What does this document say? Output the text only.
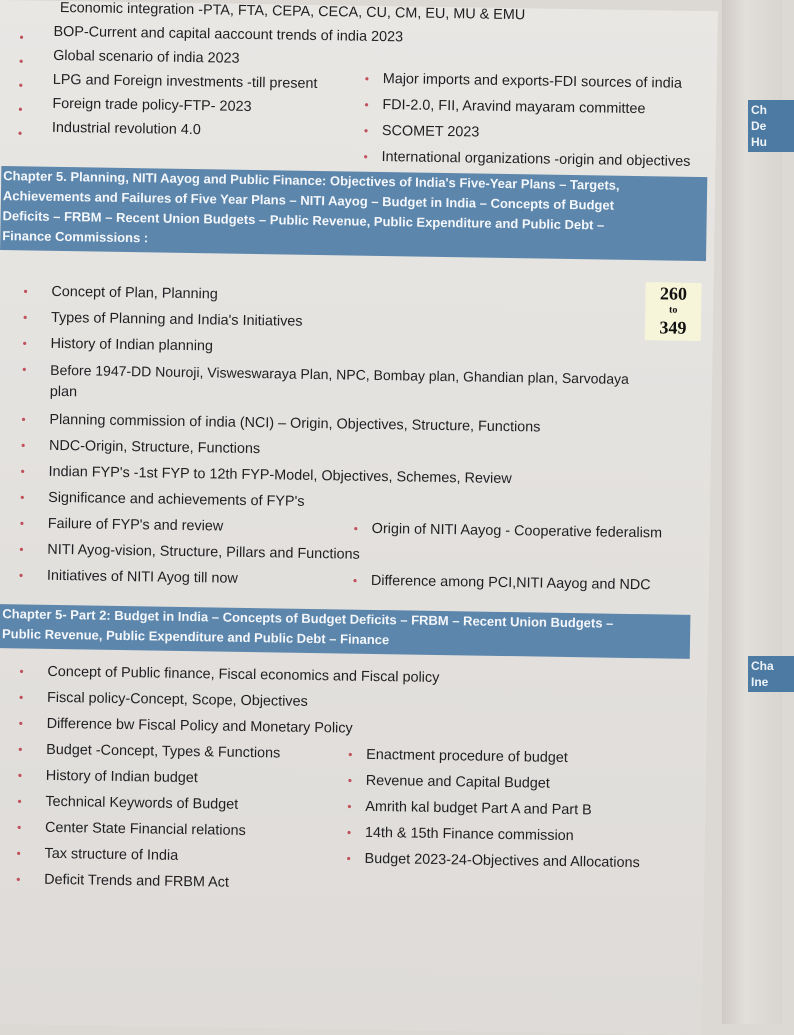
Ch
De
Hu
Cha
Ine
•
•
•
•
•
Economic integration -PTA, FTA, CEPA, CECA, CU, CM, EU, MU & EMU
BOP-Current and capital aaccount trends of india 2023
Global scenario of india 2023
LPG and Foreign investments -till present
Foreign trade policy-FTP- 2023
Industrial revolution 4.0
•
•
•
•
Major imports and exports-FDI sources of india
FDI-2.0, FII, Aravind mayaram committee
SCOMET 2023
International organizations -origin and objectives
Chapter 5. Planning, NITI Aayog and Public Finance: Objectives of India's Five-Year Plans – Targets,
Achievements and Failures of Five Year Plans – NITI Aayog – Budget in India – Concepts of Budget
Deficits – FRBM – Recent Union Budgets – Public Revenue, Public Expenditure and Public Debt –
Finance Commissions :
260
to
349
•
•
•
•
•
•
•
•
•
•
•
Concept of Plan, Planning
Types of Planning and India's Initiatives
History of Indian planning
Before 1947-DD Nouroji, Visweswaraya Plan, NPC, Bombay plan, Ghandian plan, Sarvodaya
plan
Planning commission of india (NCI) – Origin, Objectives, Structure, Functions
NDC-Origin, Structure, Functions
Indian FYP's -1st FYP to 12th FYP-Model, Objectives, Schemes, Review
Significance and achievements of FYP's
Failure of FYP's and review
NITI Ayog-vision, Structure, Pillars and Functions
Initiatives of NITI Ayog till now
•
•
Origin of NITI Aayog - Cooperative federalism
Difference among PCI,NITI Aayog and NDC
Chapter 5- Part 2: Budget in India – Concepts of Budget Deficits – FRBM – Recent Union Budgets –
Public Revenue, Public Expenditure and Public Debt – Finance
•
•
•
•
•
•
•
•
•
Concept of Public finance, Fiscal economics and Fiscal policy
Fiscal policy-Concept, Scope, Objectives
Difference bw Fiscal Policy and Monetary Policy
Budget -Concept, Types & Functions
History of Indian budget
Technical Keywords of Budget
Center State Financial relations
Tax structure of India
Deficit Trends and FRBM Act
•
•
•
•
•
Enactment procedure of budget
Revenue and Capital Budget
Amrith kal budget Part A and Part B
14th & 15th Finance commission
Budget 2023-24-Objectives and Allocations
